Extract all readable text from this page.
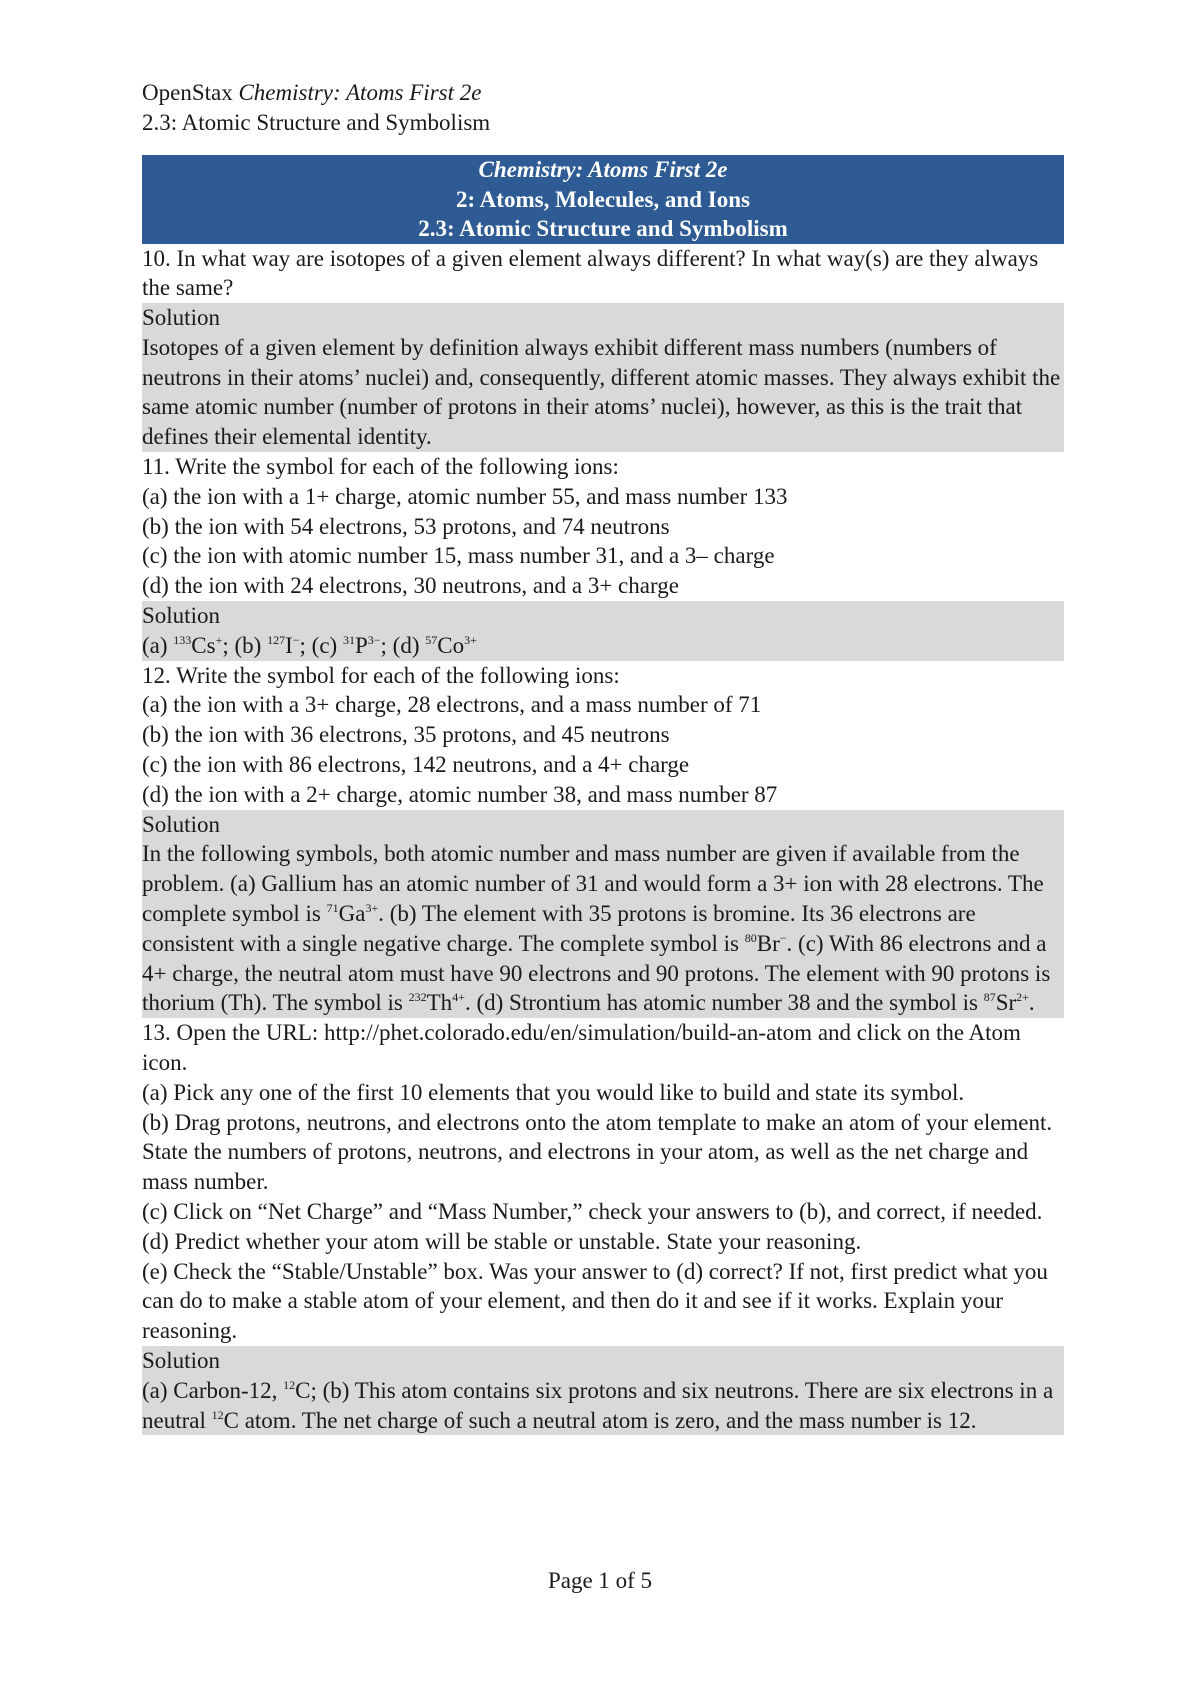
OpenStax Chemistry: Atoms First 2e
2.3: Atomic Structure and Symbolism
Chemistry: Atoms First 2e
2: Atoms, Molecules, and Ions
2.3: Atomic Structure and Symbolism

10. In what way are isotopes of a given element always different? In what way(s) are they always the same?

Solution

Isotopes of a given element by definition always exhibit different mass numbers (numbers of neutrons in their atoms’ nuclei) and, consequently, different atomic masses. They always exhibit the same atomic number (number of protons in their atoms’ nuclei), however, as this is the trait that defines their elemental identity.

11. Write the symbol for each of the following ions:

(a) the ion with a 1+ charge, atomic number 55, and mass number 133

(b) the ion with 54 electrons, 53 protons, and 74 neutrons

(c) the ion with atomic number 15, mass number 31, and a 3– charge

(d) the ion with 24 electrons, 30 neutrons, and a 3+ charge

Solution

(a) $^{133}$Cs+; (b) $^{127}$I−; (c) $^{31}P^{3-}$; (d) $^{57}Co^{3+}$

12. Write the symbol for each of the following ions:

(a) the ion with a 3+ charge, 28 electrons, and a mass number of 71

(b) the ion with 36 electrons, 35 protons, and 45 neutrons

(c) the ion with 86 electrons, 142 neutrons, and a 4+ charge

(d) the ion with a 2+ charge, atomic number 38, and mass number 87

Solution

In the following symbols, both atomic number and mass number are given if available from the problem. (a) Gallium has an atomic number of 31 and would form a 3+ ion with 28 electrons. The complete symbol is $^{71}Ga^{3+}$. (b) The element with 35 protons is bromine. Its 36 electrons are consistent with a single negative charge. The complete symbol is $^{80}$Br−. (c) With 86 electrons and a 4+ charge, the neutral atom must have 90 electrons and 90 protons. The element with 90 protons is thorium (Th). The symbol is $^{232}Th^{4+}$. (d) Strontium has atomic number 38 and the symbol is $^{87}Sr^{2+}$.

13. Open the URL: http://phet.colorado.edu/en/simulation/build-an-atom and click on the Atom icon.

(a) Pick any one of the first 10 elements that you would like to build and state its symbol.

(b) Drag protons, neutrons, and electrons onto the atom template to make an atom of your element.

State the numbers of protons, neutrons, and electrons in your atom, as well as the net charge and mass number.

(c) Click on “Net Charge” and “Mass Number,” check your answers to (b), and correct, if needed.

(d) Predict whether your atom will be stable or unstable. State your reasoning.

(e) Check the “Stable/Unstable” box. Was your answer to (d) correct? If not, first predict what you can do to make a stable atom of your element, and then do it and see if it works. Explain your reasoning.

Solution

(a) Carbon-12, $^{12}$C; (b) This atom contains six protons and six neutrons. There are six electrons in a neutral $^{12}$C atom. The net charge of such a neutral atom is zero, and the mass number is 12.

Page 1 of 5
